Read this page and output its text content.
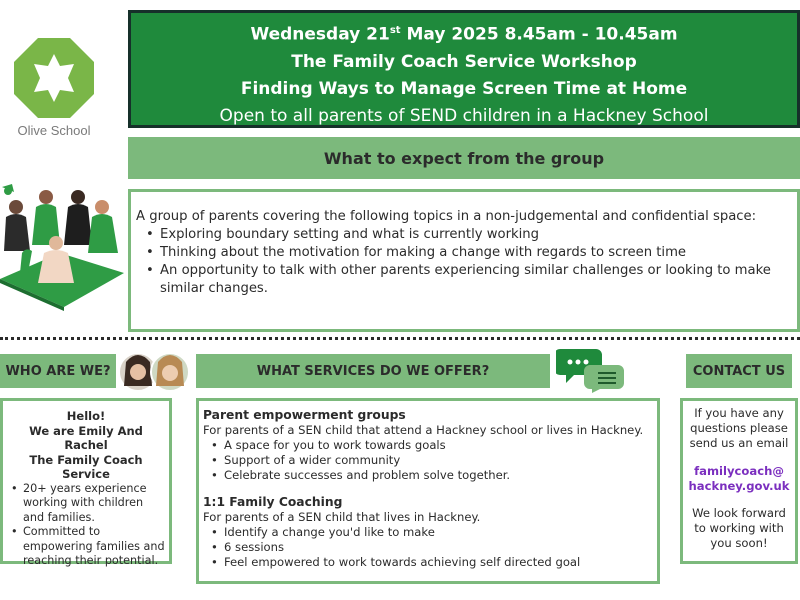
Olive School
Wednesday 21st May 2025 8.45am - 10.45am
The Family Coach Service Workshop
Finding Ways to Manage Screen Time at Home
Open to all parents of SEND children in a Hackney School
What to expect from the group
A group of parents covering the following topics in a non-judgemental and confidential space:
• Exploring boundary setting and what is currently working
• Thinking about the motivation for making a change with regards to screen time
• An opportunity to talk with other parents experiencing similar challenges or looking to make similar changes.
WHO ARE WE?	WHAT SERVICES DO WE OFFER?	CONTACT US
Hello!
We are Emily And Rachel
The Family Coach Service
• 20+ years experience working with children and families.
• Committed to empowering families and reaching their potential.
Parent empowerment groups
For parents of a SEN child that attend a Hackney school or lives in Hackney.
• A space for you to work towards goals
• Support of a wider community
• Celebrate successes and problem solve together.
1:1 Family Coaching
For parents of a SEN child that lives in Hackney.
• Identify a change you'd like to make
• 6 sessions
• Feel empowered to work towards achieving self directed goal
If you have any questions please send us an email
familycoach@
hackney.gov.uk
We look forward to working with you soon!
